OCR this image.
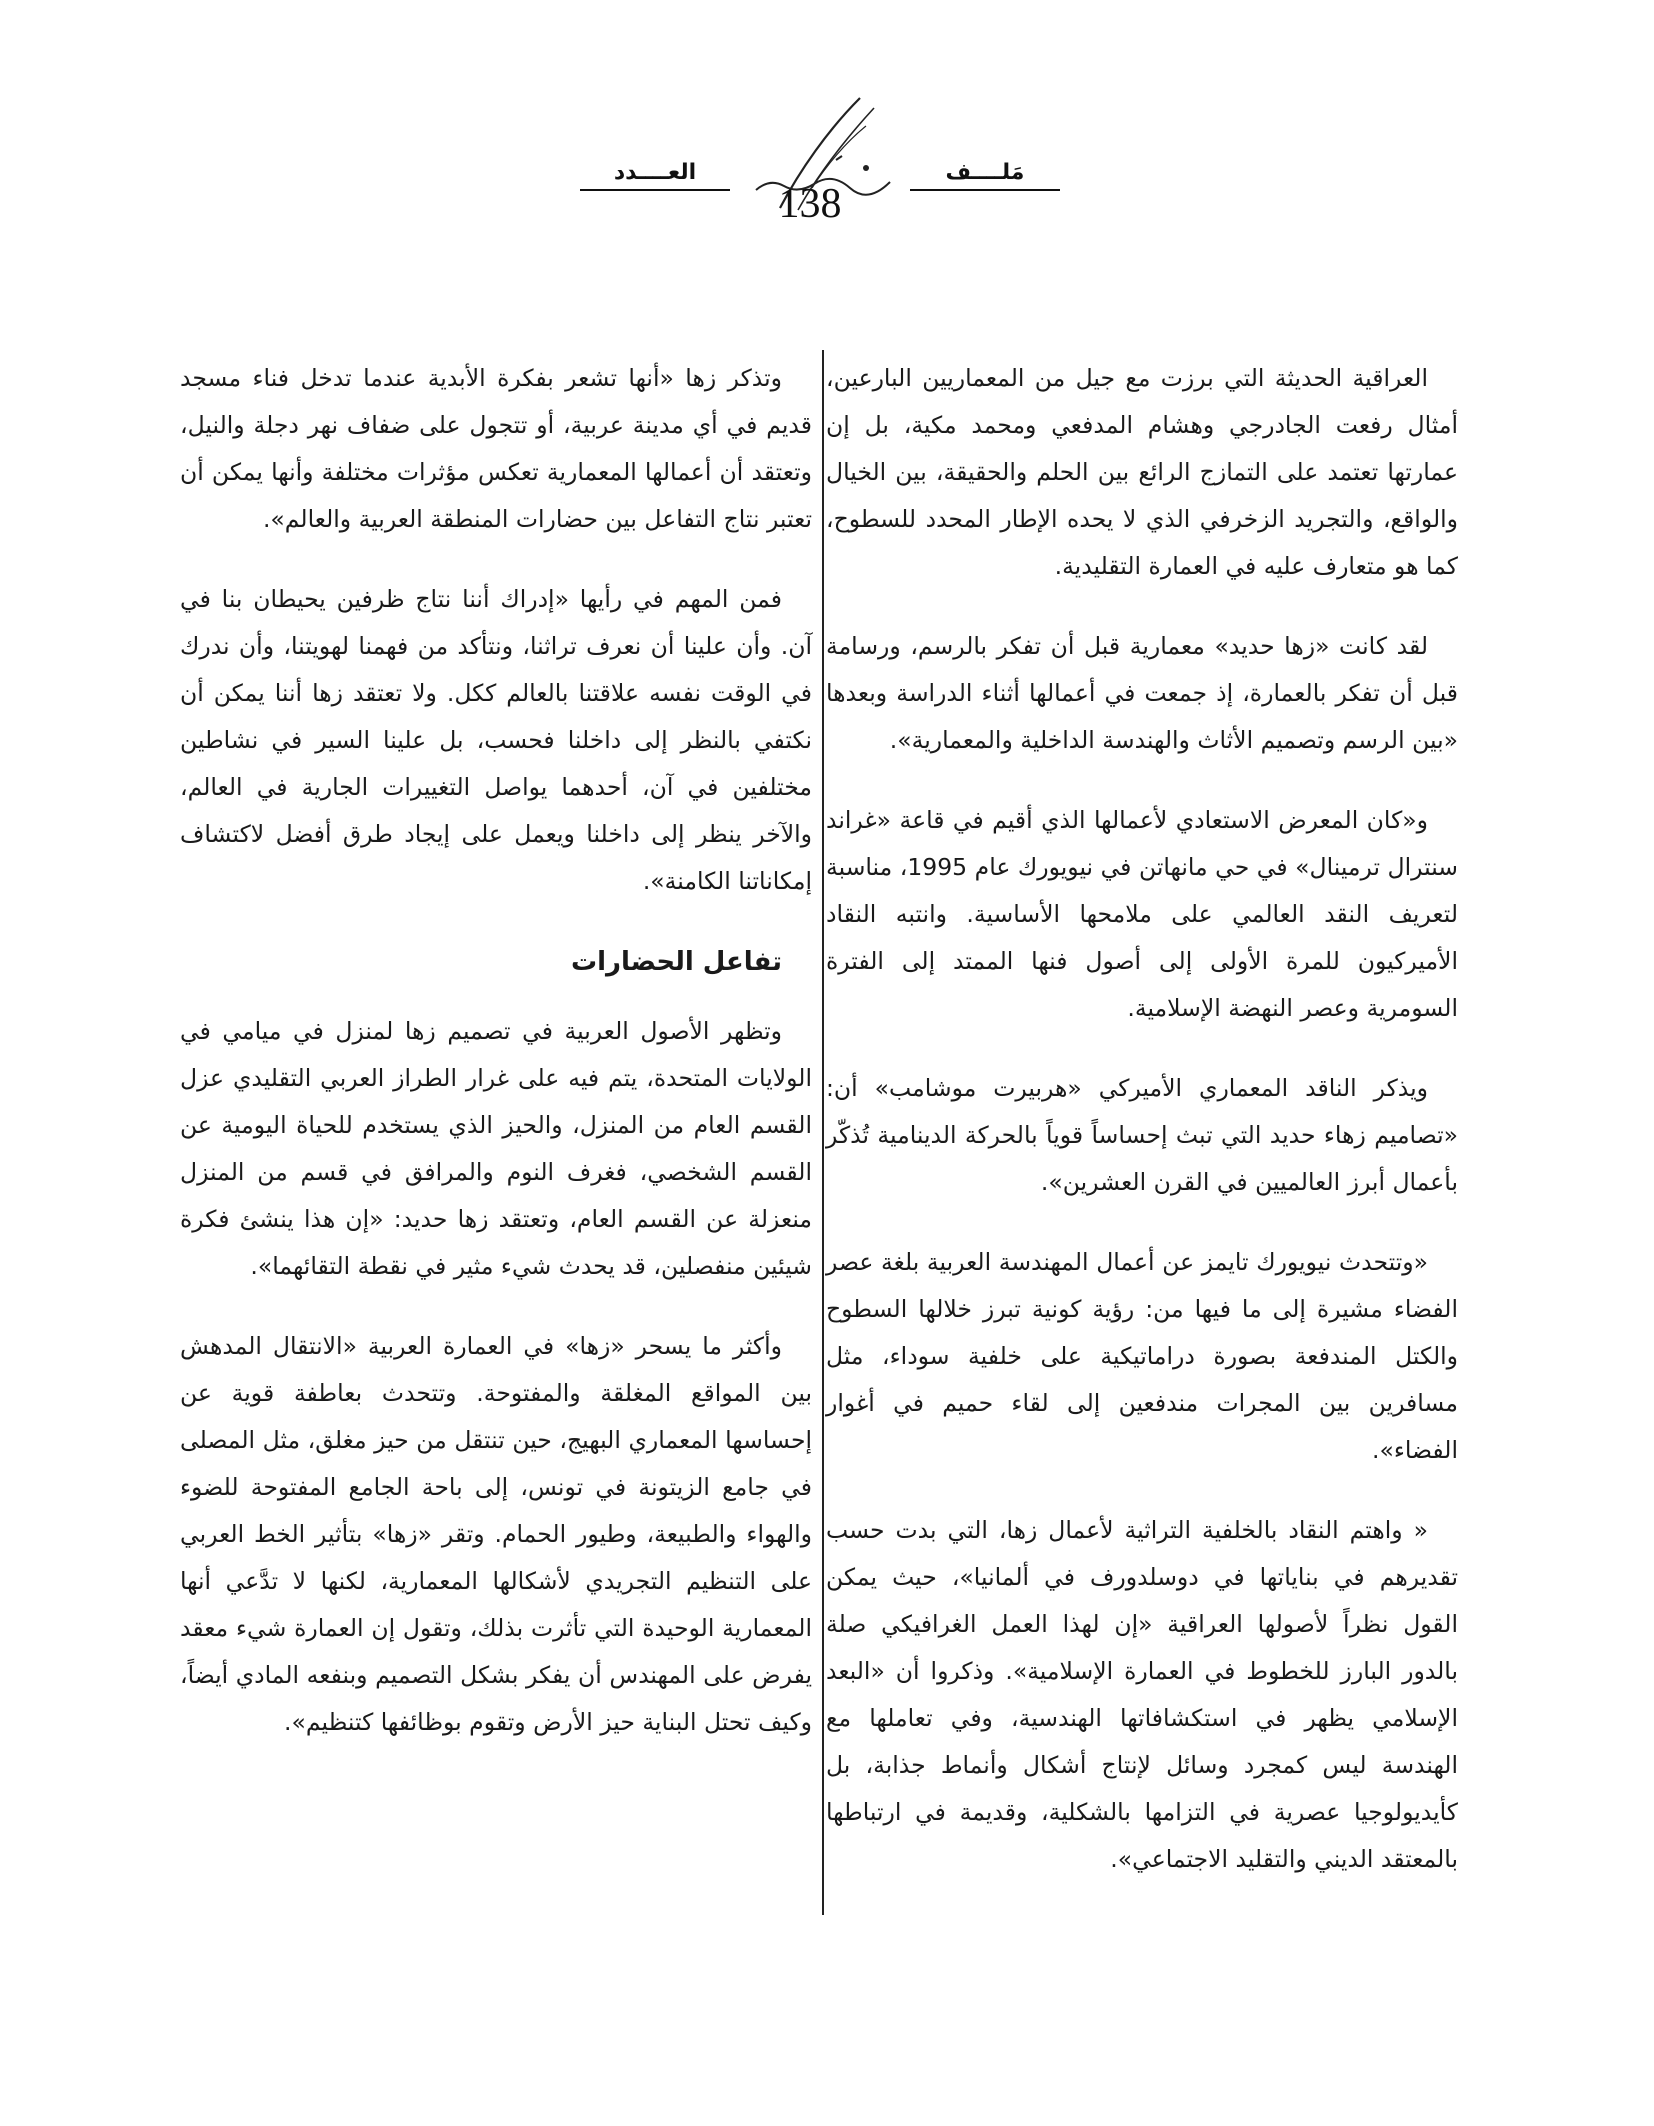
مَلــــف
العــــدد
138

العراقية الحديثة التي برزت مع جيل من المعماريين البارعين، أمثال رفعت الجادرجي وهشام المدفعي ومحمد مكية، بل إن عمارتها تعتمد على التمازج الرائع بين الحلم والحقيقة، بين الخيال والواقع، والتجريد الزخرفي الذي لا يحده الإطار المحدد للسطوح، كما هو متعارف عليه في العمارة التقليدية.

لقد كانت «زها حديد» معمارية قبل أن تفكر بالرسم، ورسامة قبل أن تفكر بالعمارة، إذ جمعت في أعمالها أثناء الدراسة وبعدها «بين الرسم وتصميم الأثاث والهندسة الداخلية والمعمارية».

و«كان المعرض الاستعادي لأعمالها الذي أقيم في قاعة «غراند سنترال ترمينال» في حي مانهاتن في نيويورك عام 1995، مناسبة لتعريف النقد العالمي على ملامحها الأساسية. وانتبه النقاد الأميركيون للمرة الأولى إلى أصول فنها الممتد إلى الفترة السومرية وعصر النهضة الإسلامية.

ويذكر الناقد المعماري الأميركي «هربيرت موشامب» أن: «تصاميم زهاء حديد التي تبث إحساساً قوياً بالحركة الدينامية تُذكّر بأعمال أبرز العالميين في القرن العشرين».

«وتتحدث نيويورك تايمز عن أعمال المهندسة العربية بلغة عصر الفضاء مشيرة إلى ما فيها من: رؤية كونية تبرز خلالها السطوح والكتل المندفعة بصورة دراماتيكية على خلفية سوداء، مثل مسافرين بين المجرات مندفعين إلى لقاء حميم في أغوار الفضاء».

« واهتم النقاد بالخلفية التراثية لأعمال زها، التي بدت حسب تقديرهم في بناياتها في دوسلدورف في ألمانيا»، حيث يمكن القول نظراً لأصولها العراقية «إن لهذا العمل الغرافيكي صلة بالدور البارز للخطوط في العمارة الإسلامية». وذكروا أن «البعد الإسلامي يظهر في استكشافاتها الهندسية، وفي تعاملها مع الهندسة ليس كمجرد وسائل لإنتاج أشكال وأنماط جذابة، بل كأيديولوجيا عصرية في التزامها بالشكلية، وقديمة في ارتباطها بالمعتقد الديني والتقليد الاجتماعي».

وتذكر زها «أنها تشعر بفكرة الأبدية عندما تدخل فناء مسجد قديم في أي مدينة عربية، أو تتجول على ضفاف نهر دجلة والنيل، وتعتقد أن أعمالها المعمارية تعكس مؤثرات مختلفة وأنها يمكن أن تعتبر نتاج التفاعل بين حضارات المنطقة العربية والعالم».

فمن المهم في رأيها «إدراك أننا نتاج ظرفين يحيطان بنا في آن. وأن علينا أن نعرف تراثنا، ونتأكد من فهمنا لهويتنا، وأن ندرك في الوقت نفسه علاقتنا بالعالم ككل. ولا تعتقد زها أننا يمكن أن نكتفي بالنظر إلى داخلنا فحسب، بل علينا السير في نشاطين مختلفين في آن، أحدهما يواصل التغييرات الجارية في العالم، والآخر ينظر إلى داخلنا ويعمل على إيجاد طرق أفضل لاكتشاف إمكاناتنا الكامنة».

تفاعل الحضارات

وتظهر الأصول العربية في تصميم زها لمنزل في ميامي في الولايات المتحدة، يتم فيه على غرار الطراز العربي التقليدي عزل القسم العام من المنزل، والحيز الذي يستخدم للحياة اليومية عن القسم الشخصي، فغرف النوم والمرافق في قسم من المنزل منعزلة عن القسم العام، وتعتقد زها حديد: «إن هذا ينشئ فكرة شيئين منفصلين، قد يحدث شيء مثير في نقطة التقائهما».

وأكثر ما يسحر «زها» في العمارة العربية «الانتقال المدهش بين المواقع المغلقة والمفتوحة. وتتحدث بعاطفة قوية عن إحساسها المعماري البهيج، حين تنتقل من حيز مغلق، مثل المصلى في جامع الزيتونة في تونس، إلى باحة الجامع المفتوحة للضوء والهواء والطبيعة، وطيور الحمام. وتقر «زها» بتأثير الخط العربي على التنظيم التجريدي لأشكالها المعمارية، لكنها لا تدَّعي أنها المعمارية الوحيدة التي تأثرت بذلك، وتقول إن العمارة شيء معقد يفرض على المهندس أن يفكر بشكل التصميم وبنفعه المادي أيضاً، وكيف تحتل البناية حيز الأرض وتقوم بوظائفها كتنظيم».
